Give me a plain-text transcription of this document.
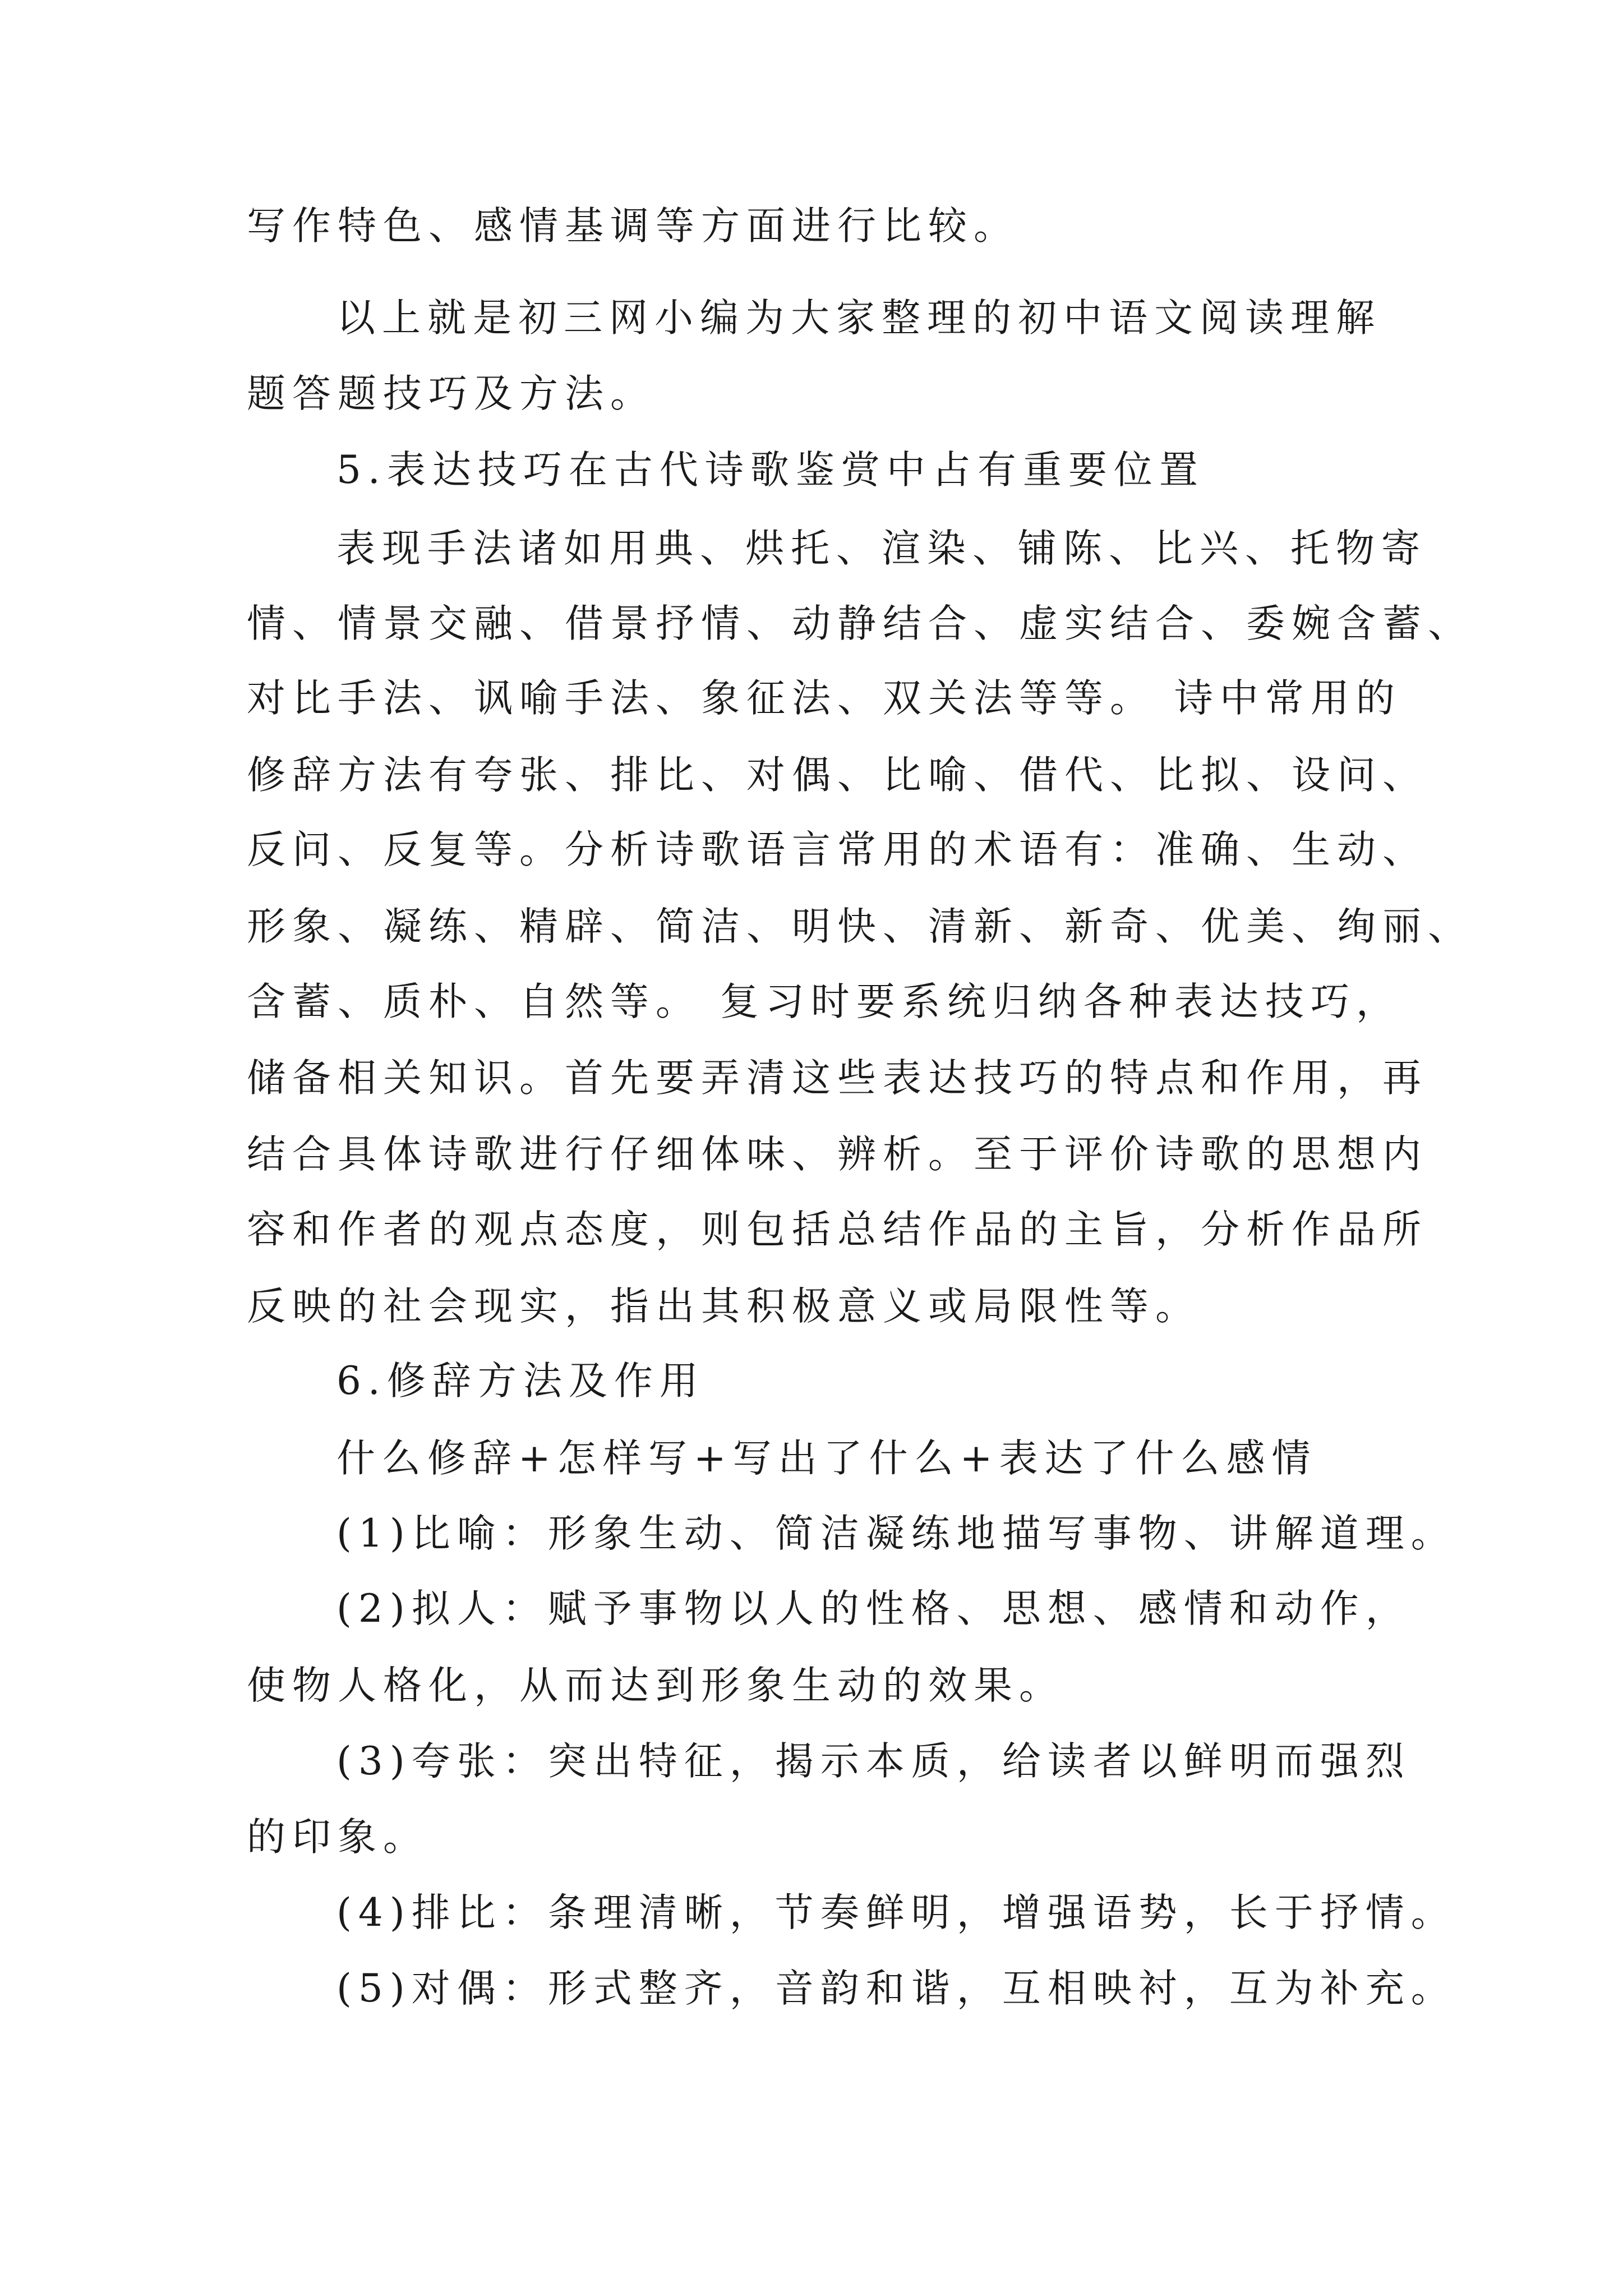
写作特色、感情基调等方面进行比较。
以上就是初三网小编为大家整理的初中语文阅读理解
题答题技巧及方法。
5.表达技巧在古代诗歌鉴赏中占有重要位置
表现手法诸如用典、烘托、渲染、铺陈、比兴、托物寄
情、情景交融、借景抒情、动静结合、虚实结合、委婉含蓄、
对比手法、讽喻手法、象征法、双关法等等。 诗中常用的
修辞方法有夸张、排比、对偶、比喻、借代、比拟、设问、
反问、反复等。分析诗歌语言常用的术语有：准确、生动、
形象、凝练、精辟、简洁、明快、清新、新奇、优美、绚丽、
含蓄、质朴、自然等。 复习时要系统归纳各种表达技巧，
储备相关知识。首先要弄清这些表达技巧的特点和作用，再
结合具体诗歌进行仔细体味、辨析。至于评价诗歌的思想内
容和作者的观点态度，则包括总结作品的主旨，分析作品所
反映的社会现实，指出其积极意义或局限性等。
6.修辞方法及作用
什么修辞+怎样写+写出了什么+表达了什么感情
(1)比喻：形象生动、简洁凝练地描写事物、讲解道理。
(2)拟人：赋予事物以人的性格、思想、感情和动作，
使物人格化，从而达到形象生动的效果。
(3)夸张：突出特征，揭示本质，给读者以鲜明而强烈
的印象。
(4)排比：条理清晰，节奏鲜明，增强语势，长于抒情。
(5)对偶：形式整齐，音韵和谐，互相映衬，互为补充。
